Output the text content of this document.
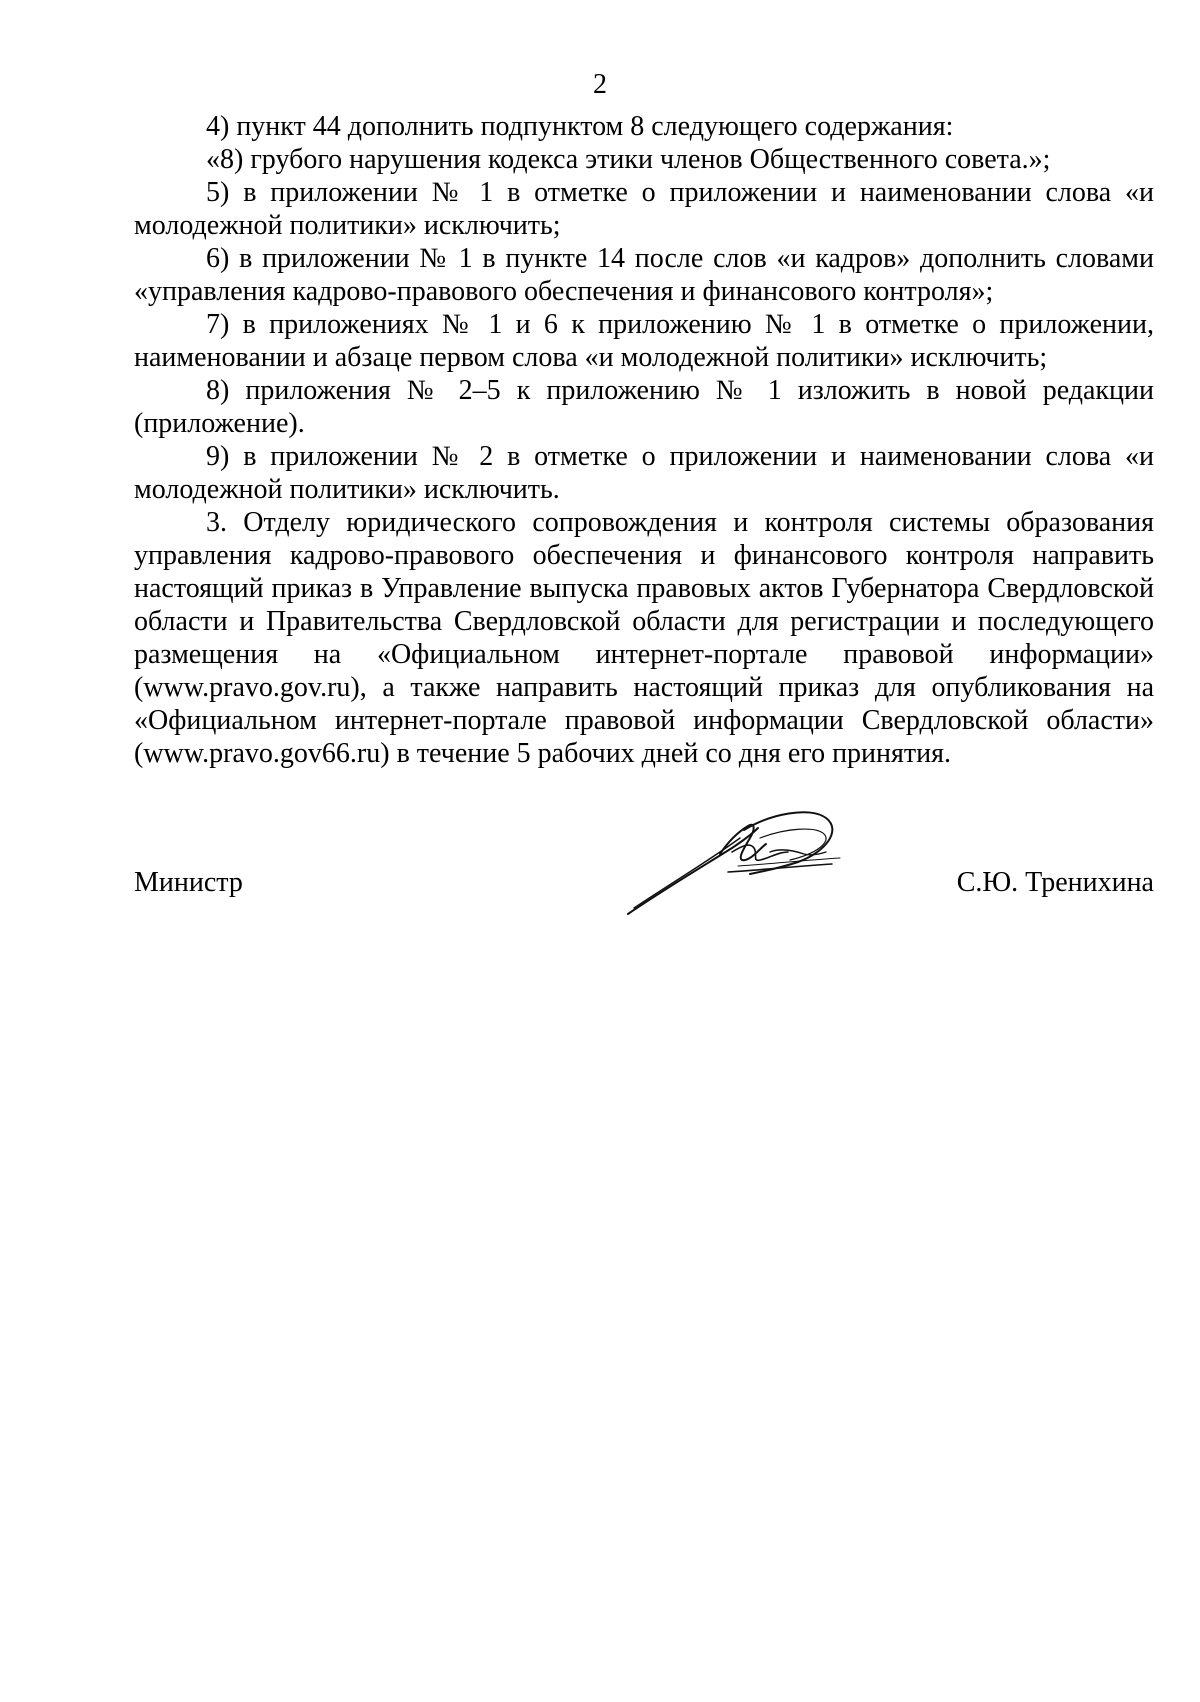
2

4) пункт 44 дополнить подпунктом 8 следующего содержания:

«8) грубого нарушения кодекса этики членов Общественного совета.»;

5) в приложении № 1 в отметке о приложении и наименовании слова «и молодежной политики» исключить;

6) в приложении № 1 в пункте 14 после слов «и кадров» дополнить словами «управления кадрово-правового обеспечения и финансового контроля»;

7) в приложениях № 1 и 6 к приложению № 1 в отметке о приложении, наименовании и абзаце первом слова «и молодежной политики» исключить;

8) приложения № 2–5 к приложению № 1 изложить в новой редакции (приложение).

9) в приложении № 2 в отметке о приложении и наименовании слова «и молодежной политики» исключить.

3. Отделу юридического сопровождения и контроля системы образования управления кадрово-правового обеспечения и финансового контроля направить настоящий приказ в Управление выпуска правовых актов Губернатора Свердловской области и Правительства Свердловской области для регистрации и последующего размещения на «Официальном интернет-портале правовой информации» (www.pravo.gov.ru), а также направить настоящий приказ для опубликования на «Официальном интернет-портале правовой информации Свердловской области» (www.pravo.gov66.ru) в течение 5 рабочих дней со дня его принятия.

Министр	С.Ю. Тренихина
